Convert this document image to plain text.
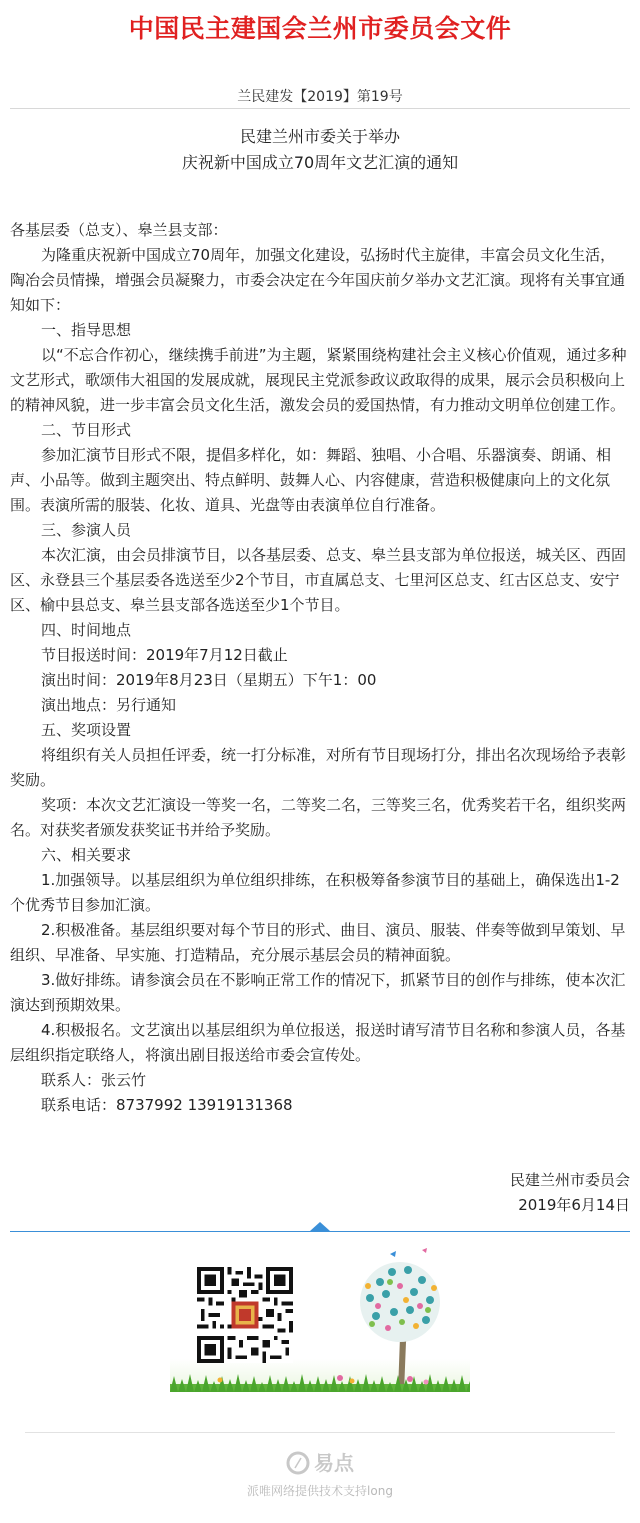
中国民主建国会兰州市委员会文件
兰民建发【2019】第19号
民建兰州市委关于举办
庆祝新中国成立70周年文艺汇演的通知

各基层委（总支）、皋兰县支部：

为隆重庆祝新中国成立70周年，加强文化建设，弘扬时代主旋律，丰富会员文化生活，陶冶会员情操，增强会员凝聚力，市委会决定在今年国庆前夕举办文艺汇演。现将有关事宜通知如下：

一、指导思想

以“不忘合作初心，继续携手前进”为主题，紧紧围绕构建社会主义核心价值观，通过多种文艺形式，歌颂伟大祖国的发展成就，展现民主党派参政议政取得的成果，展示会员积极向上的精神风貌，进一步丰富会员文化生活，激发会员的爱国热情，有力推动文明单位创建工作。

二、节目形式

参加汇演节目形式不限，提倡多样化，如：舞蹈、独唱、小合唱、乐器演奏、朗诵、相声、小品等。做到主题突出、特点鲜明、鼓舞人心、内容健康，营造积极健康向上的文化氛围。表演所需的服装、化妆、道具、光盘等由表演单位自行准备。

三、参演人员

本次汇演，由会员排演节目，以各基层委、总支、皋兰县支部为单位报送，城关区、西固区、永登县三个基层委各选送至少2个节目，市直属总支、七里河区总支、红古区总支、安宁区、榆中县总支、皋兰县支部各选送至少1个节目。

四、时间地点

节目报送时间：2019年7月12日截止

演出时间：2019年8月23日（星期五）下午1：00

演出地点：另行通知

五、奖项设置

将组织有关人员担任评委，统一打分标准，对所有节目现场打分，排出名次现场给予表彰奖励。

奖项：本次文艺汇演设一等奖一名，二等奖二名，三等奖三名，优秀奖若干名，组织奖两名。对获奖者颁发获奖证书并给予奖励。

六、相关要求

1.加强领导。以基层组织为单位组织排练，在积极筹备参演节目的基础上，确保选出1-2个优秀节目参加汇演。

2.积极准备。基层组织要对每个节目的形式、曲目、演员、服装、伴奏等做到早策划、早组织、早准备、早实施、打造精品，充分展示基层会员的精神面貌。

3.做好排练。请参演会员在不影响正常工作的情况下，抓紧节目的创作与排练，使本次汇演达到预期效果。

4.积极报名。文艺演出以基层组织为单位报送，报送时请写清节目名称和参演人员，各基层组织指定联络人，将演出剧目报送给市委会宣传处。

联系人：张云竹

联系电话：8737992 13919131368

民建兰州市委员会
2019年6月14日
易点
派唯网络提供技术支持long
